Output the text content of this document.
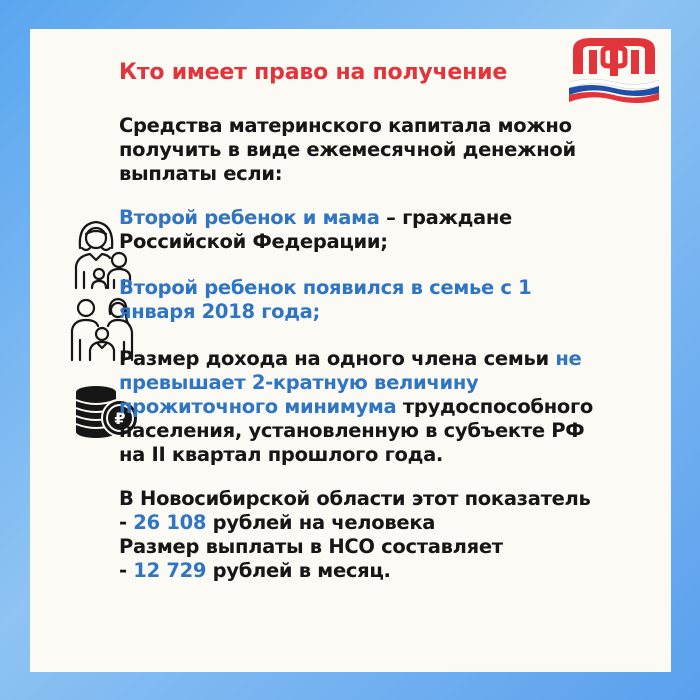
Кто имеет право на получение
Средства материнского капитала можно
получить в виде ежемесячной денежной
выплаты если:
Второй ребенок и мама – граждане
Российской Федерации;
Второй ребенок появился в семье с 1
января 2018 года;
₽
Размер дохода на одного члена семьи не
превышает 2-кратную величину
прожиточного минимума трудоспособного
населения, установленную в субъекте РФ
на II квартал прошлого года.
В Новосибирской области этот показатель
- 26 108 рублей на человека
Размер выплаты в НСО составляет
- 12 729 рублей в месяц.
